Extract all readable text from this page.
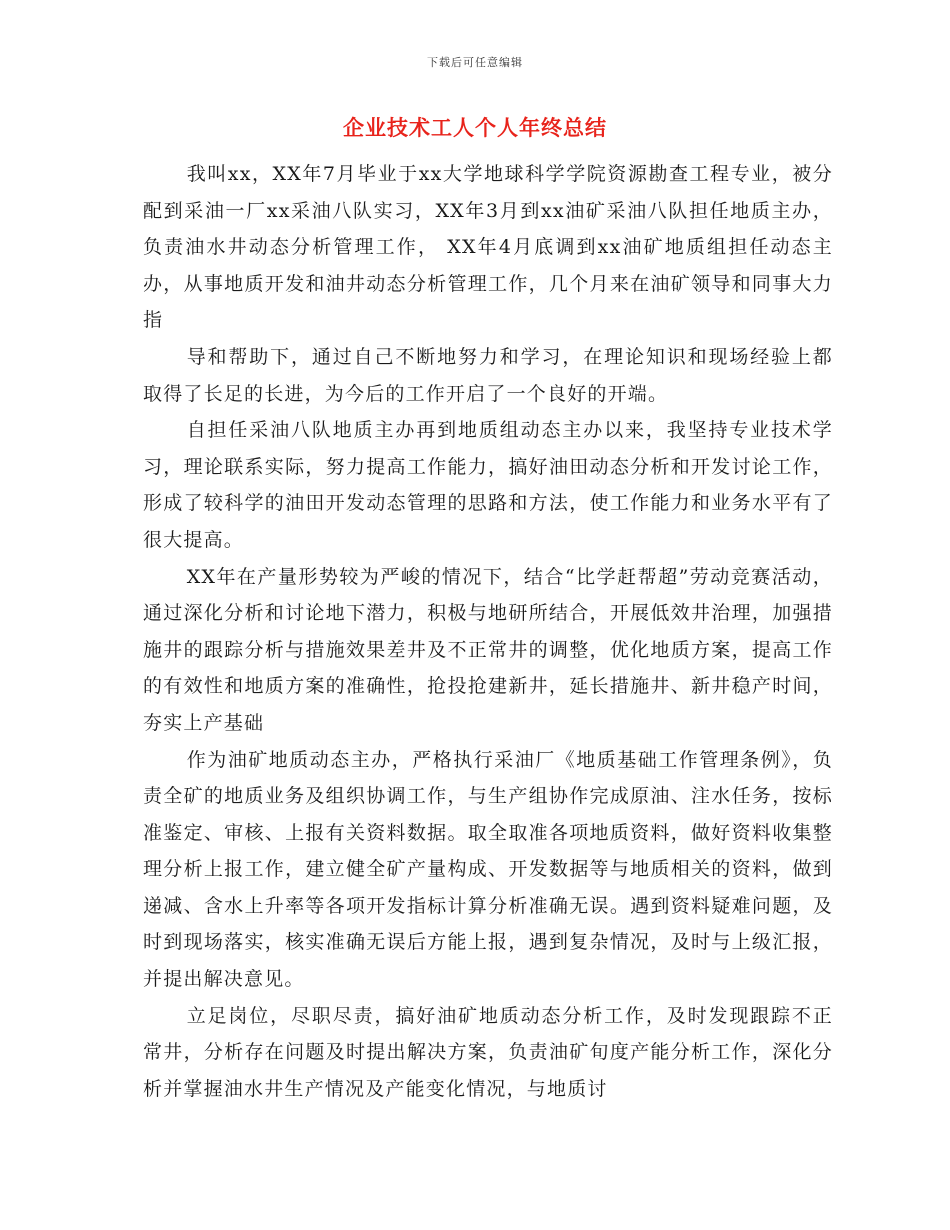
下载后可任意编辑
企业技术工人个人年终总结

我叫xx，XX年7月毕业于xx大学地球科学学院资源勘查工程专业，被分配到采油一厂xx采油八队实习，XX年3月到xx油矿采油八队担任地质主办，负责油水井动态分析管理工作， XX年4月底调到xx油矿地质组担任动态主办，从事地质开发和油井动态分析管理工作，几个月来在油矿领导和同事大力指

导和帮助下，通过自己不断地努力和学习，在理论知识和现场经验上都取得了长足的长进，为今后的工作开启了一个良好的开端。

自担任采油八队地质主办再到地质组动态主办以来，我坚持专业技术学习，理论联系实际，努力提高工作能力，搞好油田动态分析和开发讨论工作，形成了较科学的油田开发动态管理的思路和方法，使工作能力和业务水平有了很大提高。

XX年在产量形势较为严峻的情况下，结合“比学赶帮超”劳动竞赛活动，通过深化分析和讨论地下潜力，积极与地研所结合，开展低效井治理，加强措施井的跟踪分析与措施效果差井及不正常井的调整，优化地质方案，提高工作的有效性和地质方案的准确性，抢投抢建新井，延长措施井、新井稳产时间，夯实上产基础

作为油矿地质动态主办，严格执行采油厂《地质基础工作管理条例》，负责全矿的地质业务及组织协调工作，与生产组协作完成原油、注水任务，按标准鉴定、审核、上报有关资料数据。取全取准各项地质资料，做好资料收集整理分析上报工作，建立健全矿产量构成、开发数据等与地质相关的资料，做到递减、含水上升率等各项开发指标计算分析准确无误。遇到资料疑难问题，及时到现场落实，核实准确无误后方能上报，遇到复杂情况，及时与上级汇报，并提出解决意见。

立足岗位，尽职尽责，搞好油矿地质动态分析工作，及时发现跟踪不正常井，分析存在问题及时提出解决方案，负责油矿旬度产能分析工作，深化分析并掌握油水井生产情况及产能变化情况，与地质讨
